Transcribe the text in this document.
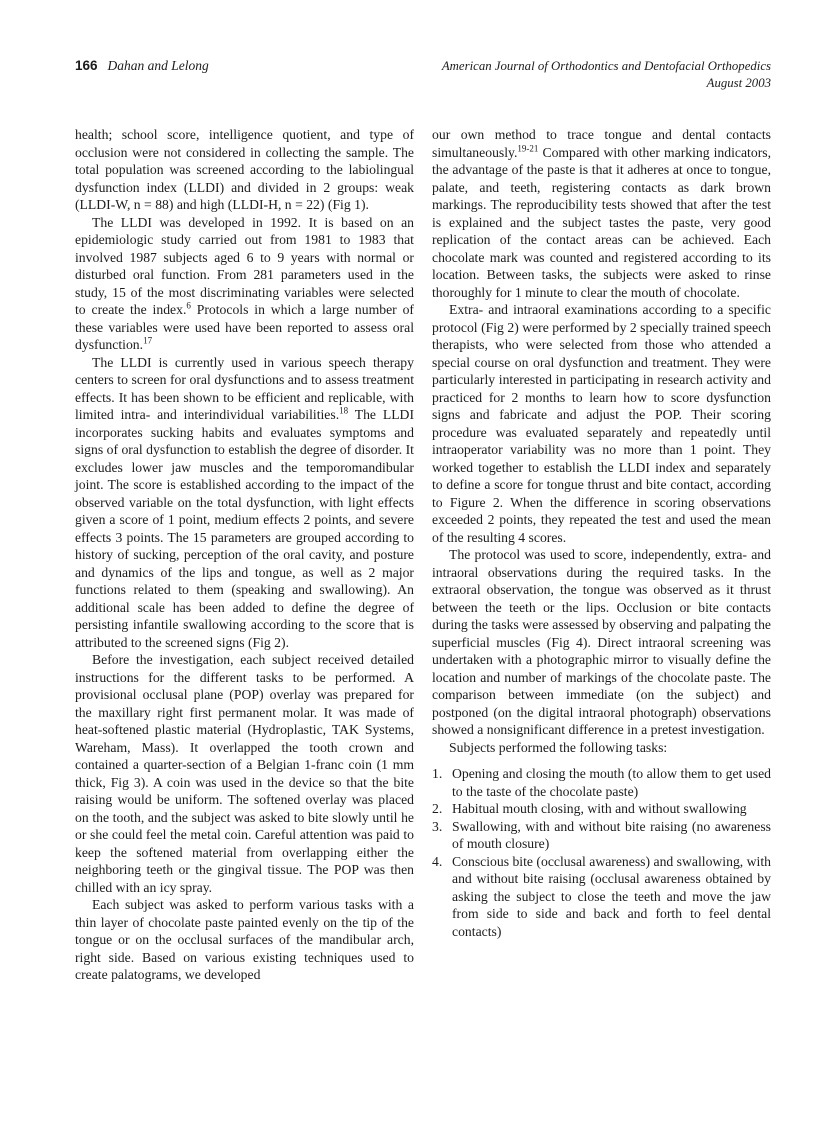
166 Dahan and Lelong	American Journal of Orthodontics and Dentofacial Orthopedics
August 2003

health; school score, intelligence quotient, and type of occlusion were not considered in collecting the sample. The total population was screened according to the labiolingual dysfunction index (LLDI) and divided in 2 groups: weak (LLDI-W, n = 88) and high (LLDI-H, n = 22) (Fig 1).

The LLDI was developed in 1992. It is based on an epidemiologic study carried out from 1981 to 1983 that involved 1987 subjects aged 6 to 9 years with normal or disturbed oral function. From 281 parameters used in the study, 15 of the most discriminating variables were selected to create the index.$^6$ Protocols in which a large number of these variables were used have been reported to assess oral dysfunction.$^{17}$

The LLDI is currently used in various speech therapy centers to screen for oral dysfunctions and to assess treatment effects. It has been shown to be efficient and replicable, with limited intra- and interindividual variabilities.$^{18}$ The LLDI incorporates sucking habits and evaluates symptoms and signs of oral dysfunction to establish the degree of disorder. It excludes lower jaw muscles and the temporomandibular joint. The score is established according to the impact of the observed variable on the total dysfunction, with light effects given a score of 1 point, medium effects 2 points, and severe effects 3 points. The 15 parameters are grouped according to history of sucking, perception of the oral cavity, and posture and dynamics of the lips and tongue, as well as 2 major functions related to them (speaking and swallowing). An additional scale has been added to define the degree of persisting infantile swallowing according to the score that is attributed to the screened signs (Fig 2).

Before the investigation, each subject received detailed instructions for the different tasks to be performed. A provisional occlusal plane (POP) overlay was prepared for the maxillary right first permanent molar. It was made of heat-softened plastic material (Hydroplastic, TAK Systems, Wareham, Mass). It overlapped the tooth crown and contained a quarter-section of a Belgian 1-franc coin (1 mm thick, Fig 3). A coin was used in the device so that the bite raising would be uniform. The softened overlay was placed on the tooth, and the subject was asked to bite slowly until he or she could feel the metal coin. Careful attention was paid to keep the softened material from overlapping either the neighboring teeth or the gingival tissue. The POP was then chilled with an icy spray.

Each subject was asked to perform various tasks with a thin layer of chocolate paste painted evenly on the tip of the tongue or on the occlusal surfaces of the mandibular arch, right side. Based on various existing techniques used to create palatograms, we developed

our own method to trace tongue and dental contacts simultaneously.$^{19-21}$ Compared with other marking indicators, the advantage of the paste is that it adheres at once to tongue, palate, and teeth, registering contacts as dark brown markings. The reproducibility tests showed that after the test is explained and the subject tastes the paste, very good replication of the contact areas can be achieved. Each chocolate mark was counted and registered according to its location. Between tasks, the subjects were asked to rinse thoroughly for 1 minute to clear the mouth of chocolate.

Extra- and intraoral examinations according to a specific protocol (Fig 2) were performed by 2 specially trained speech therapists, who were selected from those who attended a special course on oral dysfunction and treatment. They were particularly interested in participating in research activity and practiced for 2 months to learn how to score dysfunction signs and fabricate and adjust the POP. Their scoring procedure was evaluated separately and repeatedly until intraoperator variability was no more than 1 point. They worked together to establish the LLDI index and separately to define a score for tongue thrust and bite contact, according to Figure 2. When the difference in scoring observations exceeded 2 points, they repeated the test and used the mean of the resulting 4 scores.

The protocol was used to score, independently, extra- and intraoral observations during the required tasks. In the extraoral observation, the tongue was observed as it thrust between the teeth or the lips. Occlusion or bite contacts during the tasks were assessed by observing and palpating the superficial muscles (Fig 4). Direct intraoral screening was undertaken with a photographic mirror to visually define the location and number of markings of the chocolate paste. The comparison between immediate (on the subject) and postponed (on the digital intraoral photograph) observations showed a nonsignificant difference in a pretest investigation.

Subjects performed the following tasks:

1. Opening and closing the mouth (to allow them to get used to the taste of the chocolate paste)
2. Habitual mouth closing, with and without swallowing
3. Swallowing, with and without bite raising (no awareness of mouth closure)
4. Conscious bite (occlusal awareness) and swallowing, with and without bite raising (occlusal awareness obtained by asking the subject to close the teeth and move the jaw from side to side and back and forth to feel dental contacts)
